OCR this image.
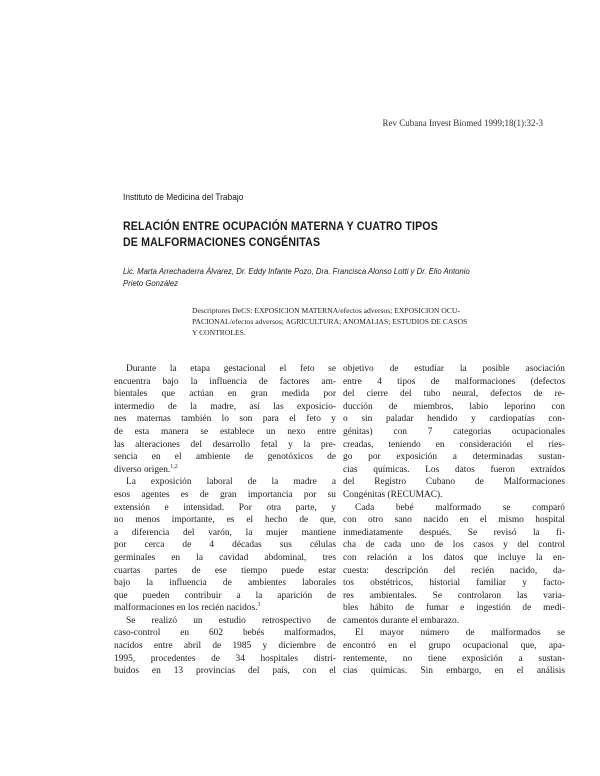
Rev Cubana Invest Biomed 1999;18(1):32-3
Instituto de Medicina del Trabajo
RELACIÓN ENTRE OCUPACIÓN MATERNA Y CUATRO TIPOS
DE MALFORMACIONES CONGÉNITAS
Lic. Marta Arrechaderra Álvarez, Dr. Eddy Infante Pozo, Dra. Francisca Alonso Lotti y Dr. Elio Antonio
Prieto González
Descriptores DeCS: EXPOSICION MATERNA/efectos adversos; EXPOSICION OCU-
PACIONAL/efectos adversos; AGRICULTURA; ANOMALIAS; ESTUDIOS DE CASOS
Y CONTROLES.
Durante la etapa gestacional el feto se
encuentra bajo la influencia de factores am-
bientales que actúan en gran medida por
intermedio de la madre, así las exposicio-
nes maternas también lo son para el feto y
de esta manera se establece un nexo entre
las alteraciones del desarrollo fetal y la pre-
sencia en el ambiente de genotóxicos de
diverso origen.$^{1,2}$
La exposición laboral de la madre a
esos agentes es de gran importancia por su
extensión e intensidad. Por otra parte, y
no menos importante, es el hecho de que,
a diferencia del varón, la mujer mantiene
por cerca de 4 décadas sus células
germinales en la cavidad abdominal, tres
cuartas partes de ese tiempo puede estar
bajo la influencia de ambientes laborales
que pueden contribuir a la aparición de
malformaciones en los recién nacidos.$^3$
Se realizó un estudio retrospectivo de
caso-control en 602 bebés malformados,
nacidos entre abril de 1985 y diciembre de
1995, procedentes de 34 hospitales distri-
buidos en 13 provincias del país, con el
objetivo de estudiar la posible asociación
entre 4 tipos de malformaciones (defectos
del cierre del tubo neural, defectos de re-
ducción de miembros, labio leporino con
o sin paladar hendido y cardiopatías con-
génitas) con 7 categorías ocupacionales
creadas, teniendo en consideración el ries-
go por exposición a determinadas sustan-
cias químicas. Los datos fueron extraídos
del Registro Cubano de Malformaciones
Congénitas (RECUMAC).
Cada bebé malformado se comparó
con otro sano nacido en el mismo hospital
inmediatamente después. Se revisó la fi-
cha de cada uno de los casos y del control
con relación a los datos que incluye la en-
cuesta: descripción del recién nacido, da-
tos obstétricos, historial familiar y facto-
res ambientales. Se controlaron las varia-
bles hábito de fumar e ingestión de medi-
camentos durante el embarazo.
El mayor número de malformados se
encontró en el grupo ocupacional que, apa-
rentemente, no tiene exposición a sustan-
cias químicas. Sin embargo, en el análisis
